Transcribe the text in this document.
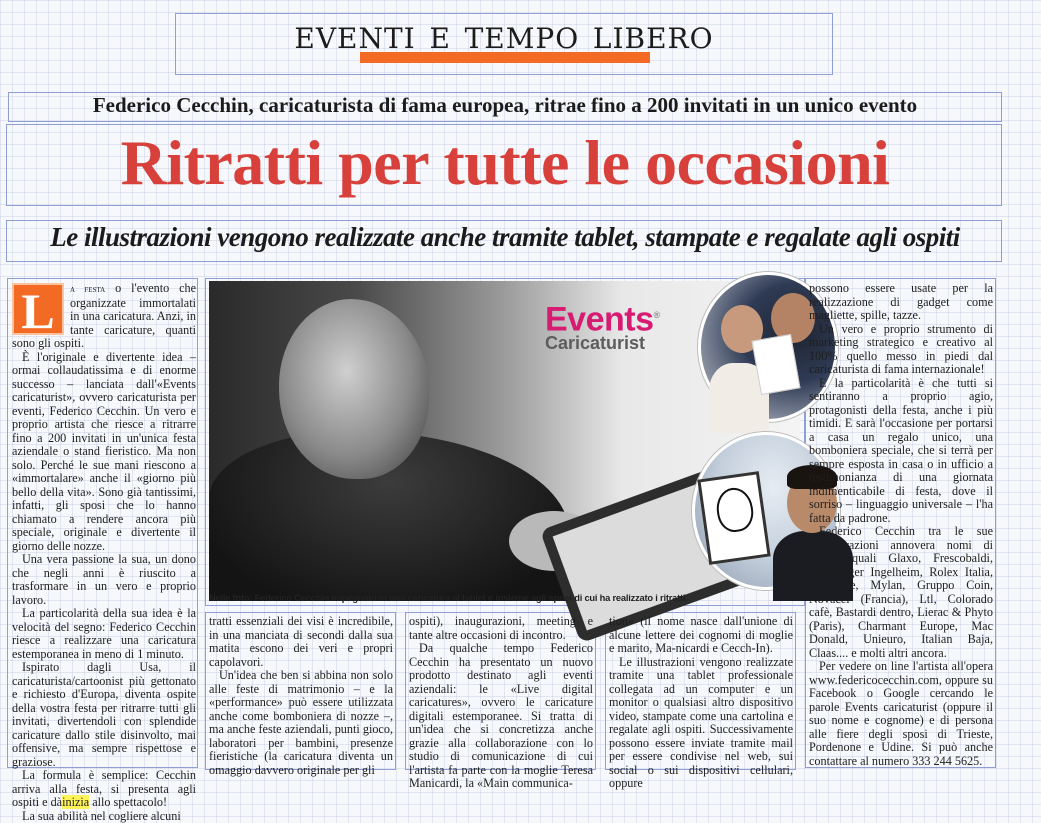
eventi e tempo libero
Federico Cecchin, caricaturista di fama europea, ritrae fino a 200 invitati in un unico evento
Ritratti per tutte le occasioni
Le illustrazioni vengono realizzate anche tramite tablet, stampate e regalate agli ospiti

L	a festa o l'evento che organizzate immortalati in una caricatura. Anzi, in tante caricature, quanti sono gli ospiti.

È l'originale e divertente idea – ormai collaudatissima e di enorme successo – lanciata dall'«Events caricaturist», ovvero caricaturista per eventi, Federico Cecchin. Un vero e proprio artista che riesce a ritrarre fino a 200 invitati in un'unica festa aziendale o stand fieristico. Ma non solo. Perché le sue mani riescono a «immortalare» anche il «giorno più bello della vita». Sono già tantissimi, infatti, gli sposi che lo hanno chiamato a rendere ancora più speciale, originale e divertente il giorno delle nozze.

Una vera passione la sua, un dono che negli anni è riuscito a trasformare in un vero e proprio lavoro.

La particolarità della sua idea è la velocità del segno: Federico Cecchin riesce a realizzare una caricatura estemporanea in meno di 1 minuto.

Ispirato dagli Usa, il caricaturista/cartoonist più gettonato e richiesto d'Europa, diventa ospite della vostra festa per ritrarre tutti gli invitati, divertendoli con splendide caricature dallo stile disinvolto, mai offensive, ma sempre rispettose e graziose.

La formula è semplice: Cecchin arriva alla festa, si presenta agli ospiti e dàinizia allo spettacolo!

La sua abilità nel cogliere alcuni

Events®
Caricaturist
Nelle foto: Federico Cecchin impegnato in una caricatura al tablet e insieme agli sposi di cui ha realizzato i ritratti.

tratti essenziali dei visi è incredibile, in una manciata di secondi dalla sua matita escono dei veri e propri capolavori.

Un'idea che ben si abbina non solo alle feste di matrimonio – e la «performance» può essere utilizzata anche come bomboniera di nozze –, ma anche feste aziendali, punti gioco, laboratori per bambini, presenze fieristiche (la caricatura diventa un omaggio davvero originale per gli

ospiti), inaugurazioni, meeting e tante altre occasioni di incontro.

Da qualche tempo Federico Cecchin ha presentato un nuovo prodotto destinato agli eventi aziendali: le «Live digital caricatures», ovvero le caricature digitali estemporanee. Si tratta di un'idea che si concretizza anche grazie alla collaborazione con lo studio di comunicazione di cui l'artista fa parte con la moglie Teresa Manicardi, la «Main communica-

tion» (il nome nasce dall'unione di alcune lettere dei cognomi di moglie e marito, Ma-nicardi e Cecch-In).

Le illustrazioni vengono realizzate tramite una tablet professionale collegata ad un computer e un monitor o qualsiasi altro dispositivo video, stampate come una cartolina e regalate agli ospiti. Successivamente possono essere inviate tramite mail per essere condivise nel web, sui social o sui dispositivi cellulari, oppure

possono essere usate per la realizzazione di gadget come magliette, spille, tazze.

Un vero e proprio strumento di marketing strategico e creativo al 100% quello messo in piedi dal caricaturista di fama internazionale!

E la particolarità è che tutti si sentiranno a proprio agio, protagonisti della festa, anche i più timidi. E sarà l'occasione per portarsi a casa un regalo unico, una bomboniera speciale, che si terrà per sempre esposta in casa o in ufficio a testimonianza di una giornata indimenticabile di festa, dove il sorriso – linguaggio universale – l'ha fatta da padrone.

Federico Cecchin tra le sue collaborazioni annovera nomi di spicco quali Glaxo, Frescobaldi, Boehringer Ingelheim, Rolex Italia, Vodafone, Mylan, Gruppo Coin, Novacel (Francia), Ltl, Colorado cafè, Bastardi dentro, Lierac & Phyto (Paris), Charmant Europe, Mac Donald, Unieuro, Italian Baja, Claas.... e molti altri ancora.

Per vedere on line l'artista all'opera www.federicocecchin.com, oppure su Facebook o Google cercando le parole Events caricaturist (oppure il suo nome e cognome) e di persona alle fiere degli sposi di Trieste, Pordenone e Udine. Si può anche contattare al numero 333 244 5625.
